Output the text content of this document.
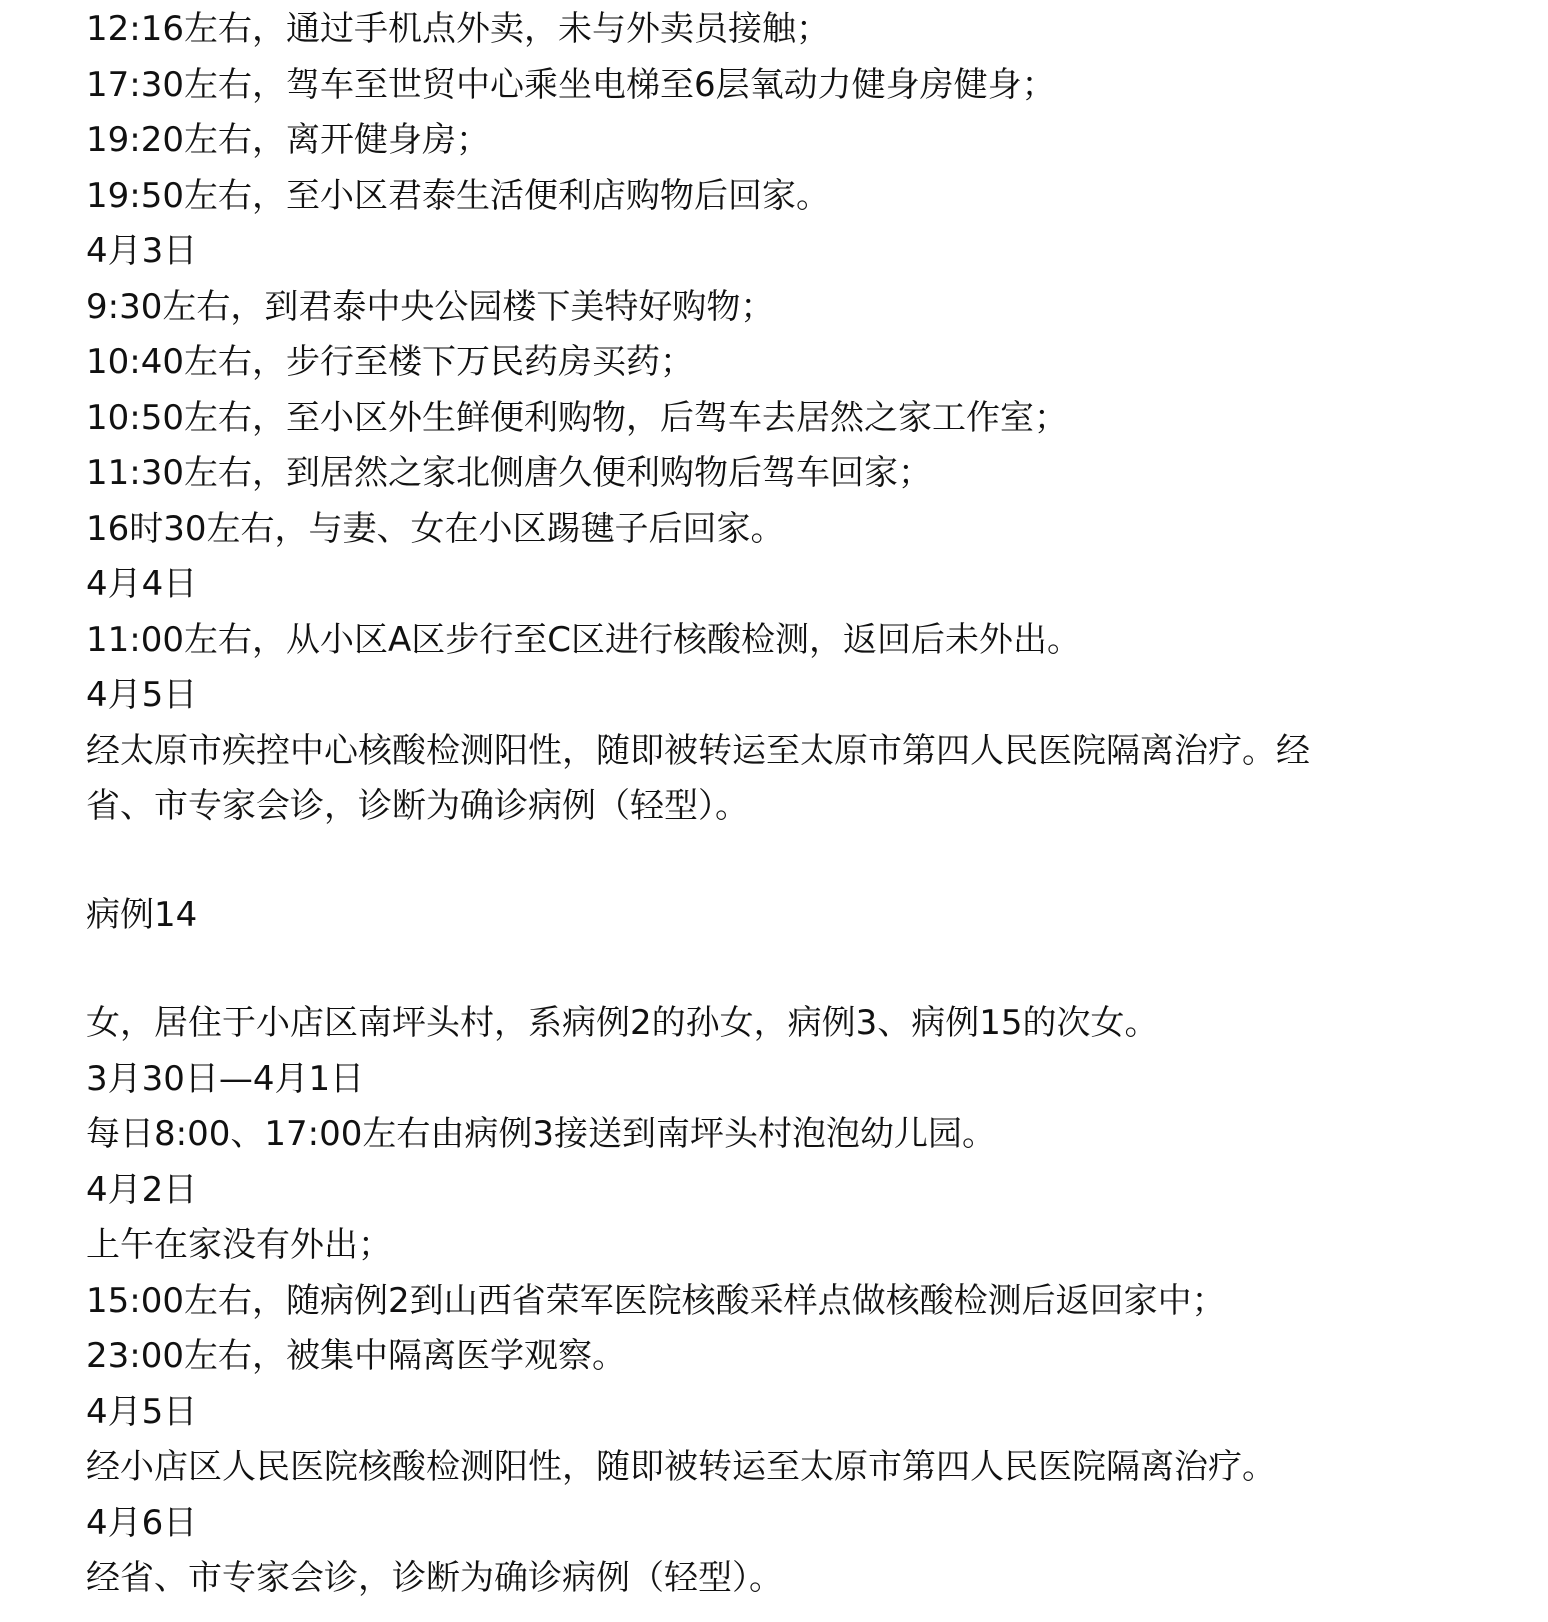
12:16左右，通过手机点外卖，未与外卖员接触；
17:30左右，驾车至世贸中心乘坐电梯至6层氧动力健身房健身；
19:20左右，离开健身房；
19:50左右，至小区君泰生活便利店购物后回家。
4月3日
9:30左右，到君泰中央公园楼下美特好购物；
10:40左右，步行至楼下万民药房买药；
10:50左右，至小区外生鲜便利购物，后驾车去居然之家工作室；
11:30左右，到居然之家北侧唐久便利购物后驾车回家；
16时30左右，与妻、女在小区踢毽子后回家。
4月4日
11:00左右，从小区A区步行至C区进行核酸检测，返回后未外出。
4月5日
经太原市疾控中心核酸检测阳性，随即被转运至太原市第四人民医院隔离治疗。经
省、市专家会诊，诊断为确诊病例（轻型）。
病例14
女，居住于小店区南坪头村，系病例2的孙女，病例3、病例15的次女。
3月30日—4月1日
每日8:00、17:00左右由病例3接送到南坪头村泡泡幼儿园。
4月2日
上午在家没有外出；
15:00左右，随病例2到山西省荣军医院核酸采样点做核酸检测后返回家中；
23:00左右，被集中隔离医学观察。
4月5日
经小店区人民医院核酸检测阳性，随即被转运至太原市第四人民医院隔离治疗。
4月6日
经省、市专家会诊，诊断为确诊病例（轻型）。
